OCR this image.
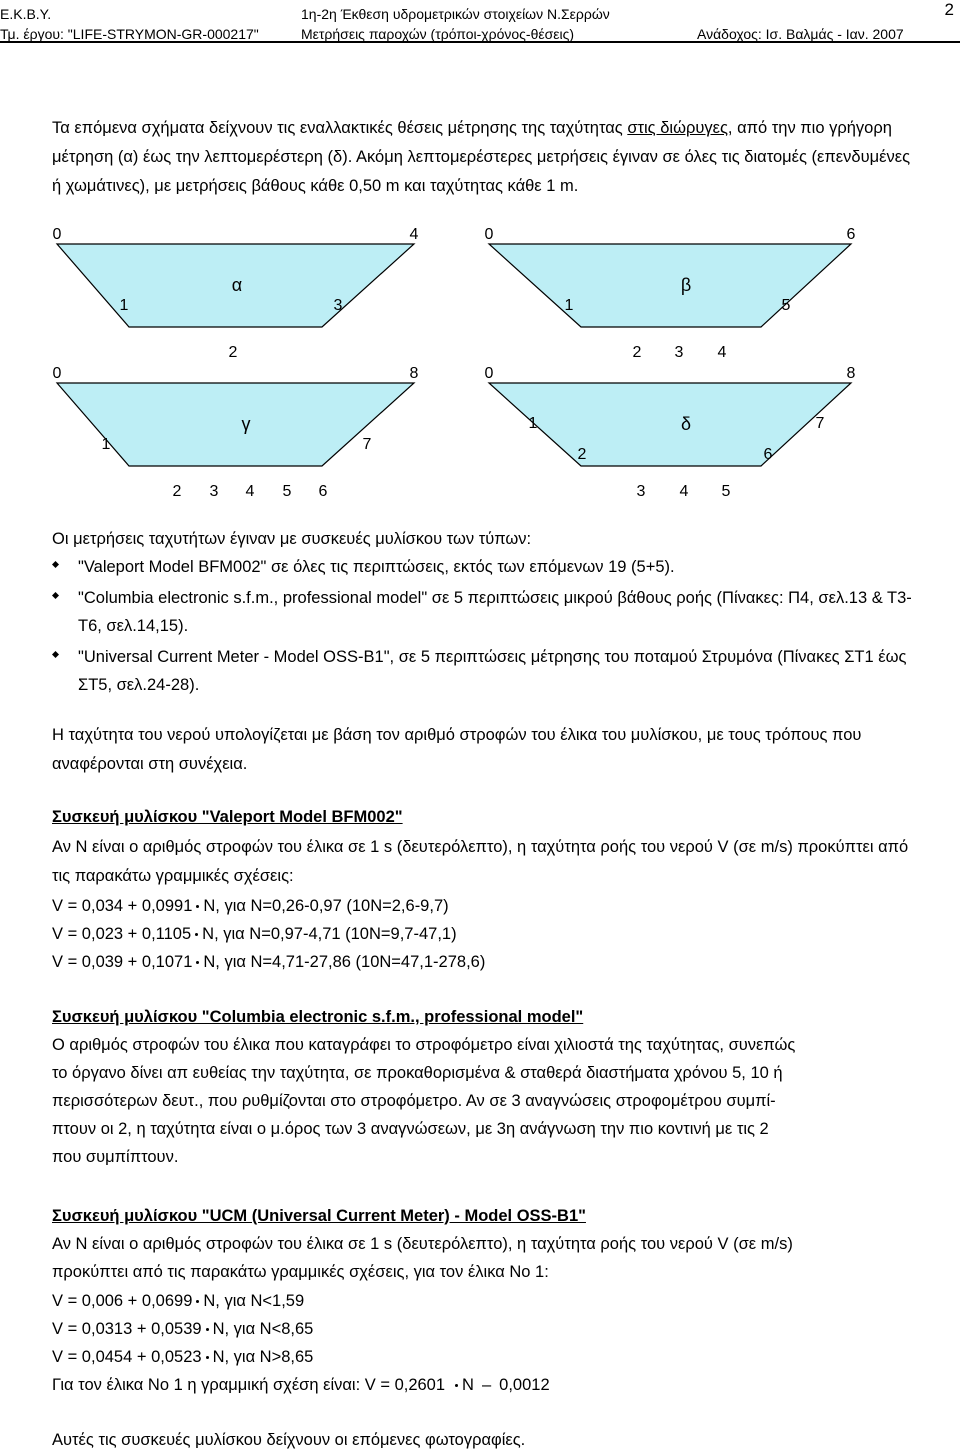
Ε.Κ.Β.Υ.
Τμ. έργου: "LIFE-STRYMON-GR-000217"
1η-2η Έκθεση υδρομετρικών στοιχείων Ν.Σερρών
Μετρήσεις παροχών (τρόποι-χρόνος-θέσεις)	Ανάδοχος: Ισ. Βαλμάς - Ιαν. 2007
2

Τα επόμενα σχήματα δείχνουν τις εναλλακτικές θέσεις μέτρησης της ταχύτητας στις διώρυγες, από την πιο γρήγορη μέτρηση (α) έως την λεπτομερέστερη (δ). Ακόμη λεπτομερέστερες μετρήσεις έγιναν σε όλες τις διατομές (επενδυμένες ή χωμάτινες), με μετρήσεις βάθους κάθε 0,50 m και ταχύτητας κάθε 1 m.

α
0	4
1	3
2
β
0	6
1	5
2 3 4
γ
0	8
1	7
2 3 4 5 6
δ
0	8
1
2	6
7
3 4 5
Οι μετρήσεις ταχυτήτων έγιναν με συσκευές μυλίσκου των τύπων:
"Valeport Model BFM002" σε όλες τις περιπτώσεις, εκτός των επόμενων 19 (5+5).
"Columbia electronic s.f.m., professional model" σε 5 περιπτώσεις μικρού βάθους ροής (Πίνακες: Π4, σελ.13 & Τ3-Τ6, σελ.14,15).
"Universal Current Meter - Model OSS-B1", σε 5 περιπτώσεις μέτρησης του ποταμού Στρυμόνα (Πίνακες ΣΤ1 έως ΣΤ5, σελ.24-28).
Η ταχύτητα του νερού υπολογίζεται με βάση τον αριθμό στροφών του έλικα του μυλίσκου, με τους τρόπους που αναφέρονται στη συνέχεια.
Συσκευή μυλίσκου "Valeport Model BFM002"
Αν Ν είναι ο αριθμός στροφών του έλικα σε 1 s (δευτερόλεπτο), η ταχύτητα ροής του νερού V (σε m/s) προκύπτει από τις παρακάτω γραμμικές σχέσεις:
V = 0,034 + 0,0991 N, για Ν=0,26-0,97 (10Ν=2,6-9,7)
V = 0,023 + 0,1105 N, για Ν=0,97-4,71 (10Ν=9,7-47,1)
V = 0,039 + 0,1071 N, για Ν=4,71-27,86 (10Ν=47,1-278,6)
Συσκευή μυλίσκου "Columbia electronic s.f.m., professional model"
Ο αριθμός στροφών του έλικα που καταγράφει το στροφόμετρο είναι χιλιοστά της ταχύτητας, συνεπώς
το όργανο δίνει απ ευθείας την ταχύτητα, σε προκαθορισμένα & σταθερά διαστήματα χρόνου 5, 10 ή
περισσότερων δευτ., που ρυθμίζονται στο στροφόμετρο. Αν σε 3 αναγνώσεις στροφομέτρου συμπί-
πτουν οι 2, η ταχύτητα είναι ο μ.όρος των 3 αναγνώσεων, με 3η ανάγνωση την πιο κοντινή με τις 2
που συμπίπτουν.
Συσκευή μυλίσκου "UCM (Universal Current Meter) - Model OSS-B1"
Αν Ν είναι ο αριθμός στροφών του έλικα σε 1 s (δευτερόλεπτο), η ταχύτητα ροής του νερού V (σε m/s)
προκύπτει από τις παρακάτω γραμμικές σχέσεις, για τον έλικα Νο 1:
V = 0,006 + 0,0699 N, για Ν<1,59
V = 0,0313 + 0,0539 N, για Ν<8,65
V = 0,0454 + 0,0523 N, για Ν>8,65
Για τον έλικα Νο 1 η γραμμική σχέση είναι: V = 0,2601 N – 0,0012
Αυτές τις συσκευές μυλίσκου δείχνουν οι επόμενες φωτογραφίες.
